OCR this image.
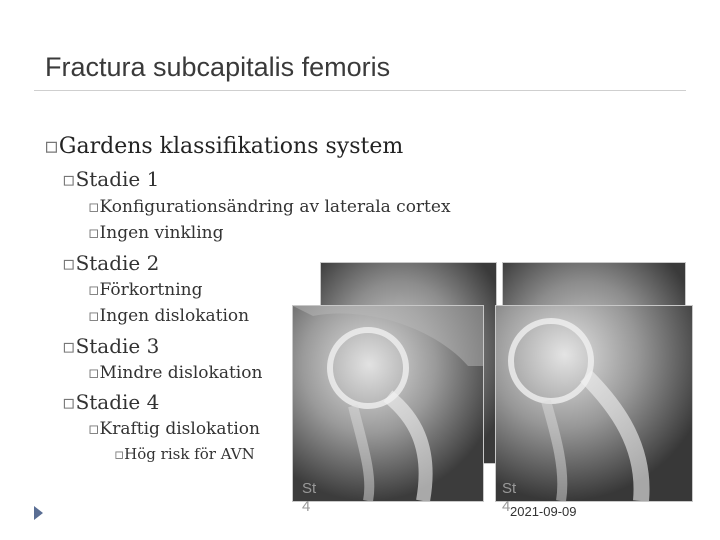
Fractura subcapitalis femoris
St
4
St
4
▫Gardens klassifikations system
▫Stadie 1
▫Konfigurationsändring av laterala cortex
▫Ingen vinkling
▫Stadie 2
▫Förkortning
▫Ingen dislokation
▫Stadie 3
▫Mindre dislokation
▫Stadie 4
▫Kraftig dislokation
▫Hög risk för AVN
2021-09-09
